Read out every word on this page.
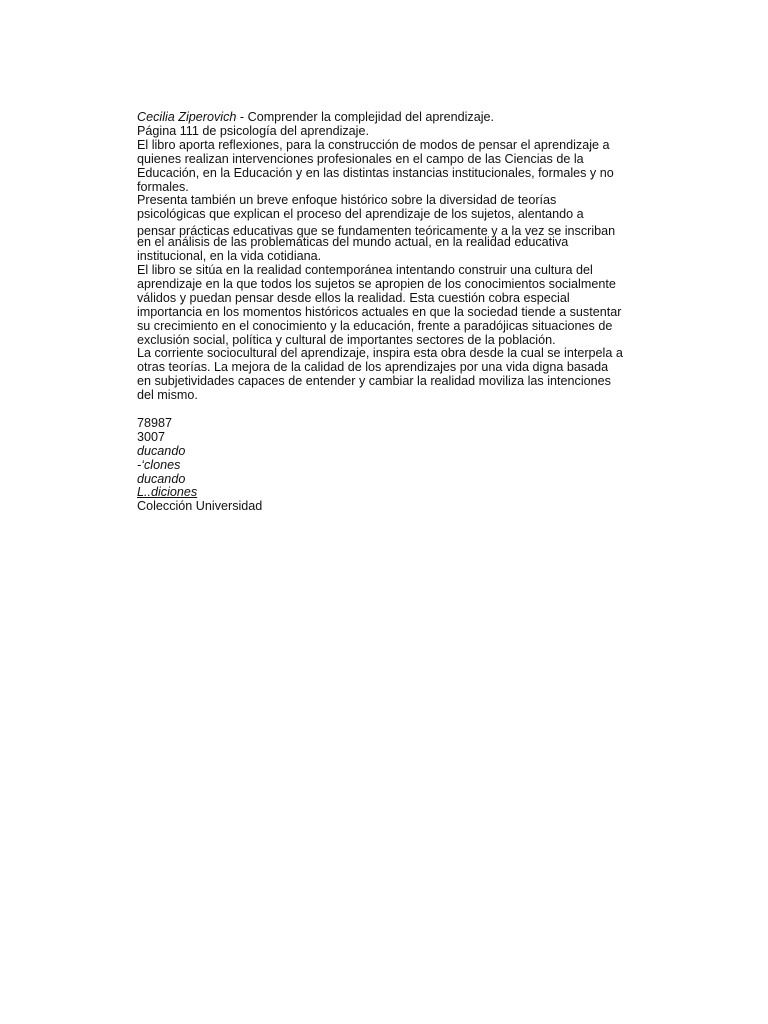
Cecilia Ziperovich - Comprender la complejidad del aprendizaje.
Página 111 de psicología del aprendizaje.
El libro aporta reflexiones, para la construcción de modos de pensar el aprendizaje a
quienes realizan intervenciones profesionales en el campo de las Ciencias de la
Educación, en la Educación y en las distintas instancias institucionales, formales y no
formales.
Presenta también un breve enfoque histórico sobre la diversidad de teorías
psicológicas que explican el proceso del aprendizaje de los sujetos, alentando a
pensar prácticas educativas que se fundamenten teóricamente y a la vez se inscriban
en el análisis de las problemáticas del mundo actual, en la realidad educativa
institucional, en la vida cotidiana.
El libro se sitúa en la realidad contemporánea intentando construir una cultura del
aprendizaje en la que todos los sujetos se apropien de los conocimientos socialmente
válidos y puedan pensar desde ellos la realidad. Esta cuestión cobra especial
importancia en los momentos históricos actuales en que la sociedad tiende a sustentar
su crecimiento en el conocimiento y la educación, frente a paradójicas situaciones de
exclusión social, política y cultural de importantes sectores de la población.
La corriente sociocultural del aprendizaje, inspira esta obra desde la cual se interpela a
otras teorías. La mejora de la calidad de los aprendizajes por una vida digna basada
en subjetividades capaces de entender y cambiar la realidad moviliza las intenciones
del mismo.
78987
3007
ducando
-‘clones
ducando
L..diciones
Colección Universidad
